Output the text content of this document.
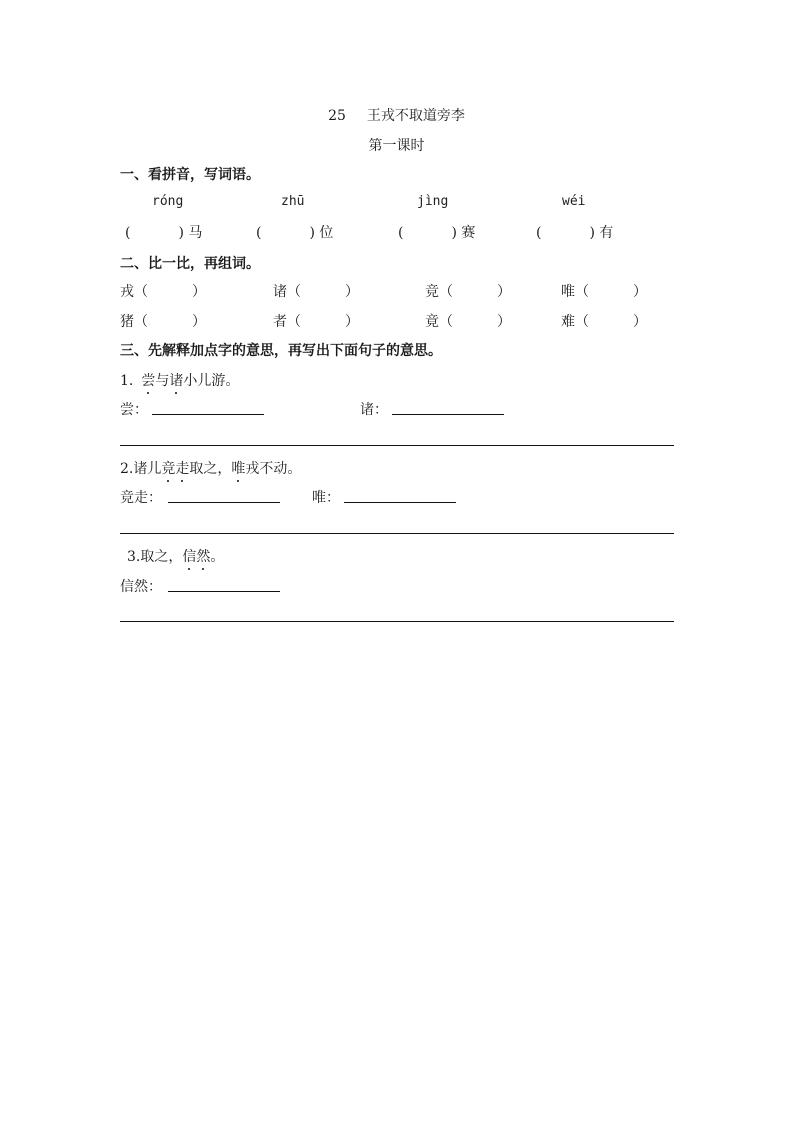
25 王戎不取道旁李
第一课时
一、看拼音，写词语。
róng	zhū	jìng	wéi
(	) 马	(	) 位	(	) 赛	(	) 有
二、比一比，再组词。
戎（	）	诸（	）	竞（	）	唯（	）
猪（	）	者（	）	竟（	）	难（	）
三、先解释加点字的意思，再写出下面句子的意思。
1. 尝与诸小儿游。
尝：	诸：
2.诸儿竞走取之，唯戎不动。
竞走：	唯：
3.取之，信然。
信然：
